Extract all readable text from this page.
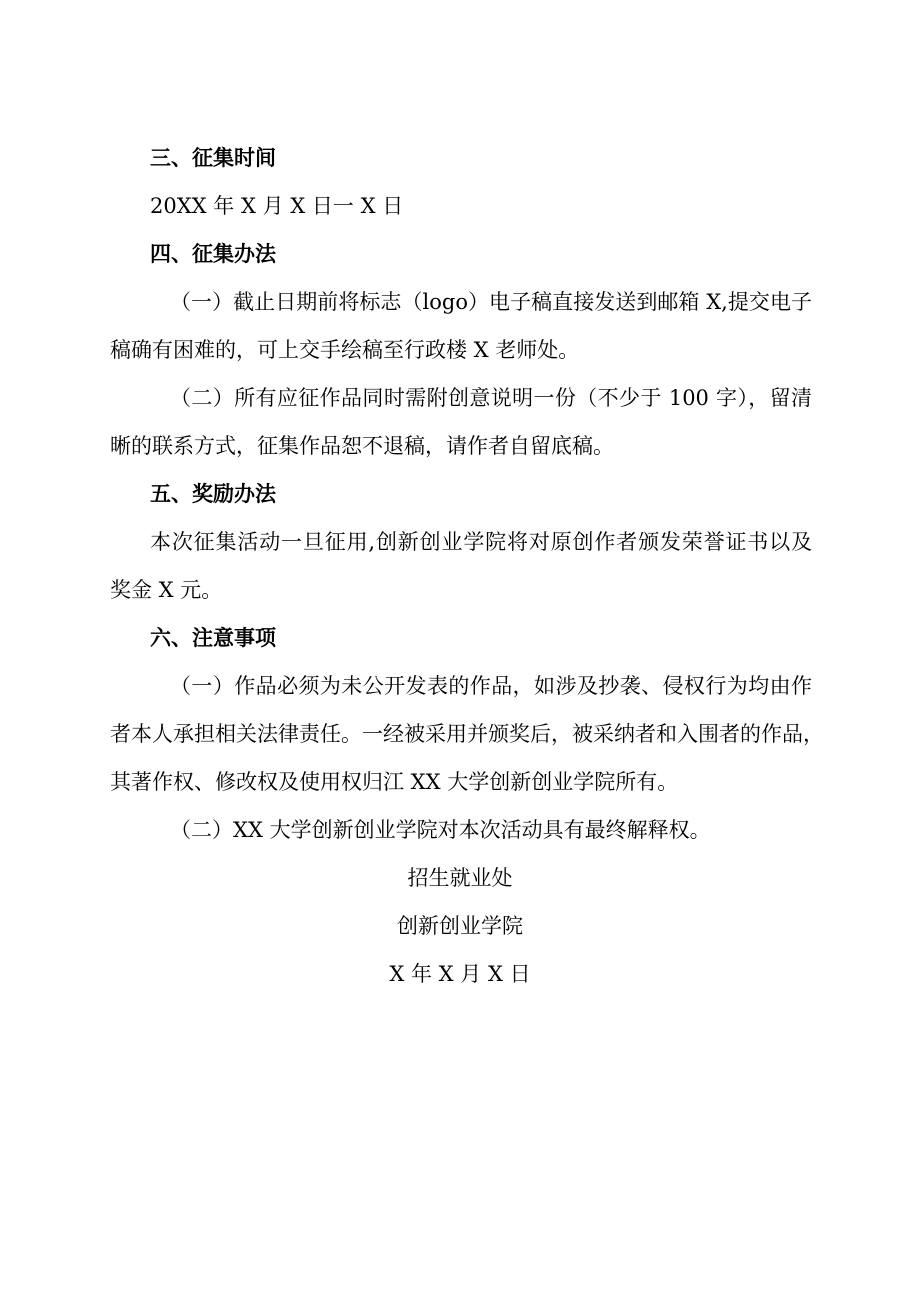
三、征集时间
20XX 年 X 月 X 日一 X 日
四、征集办法
（一）截止日期前将标志（logo）电子稿直接发送到邮箱 X,提交电子
稿确有困难的，可上交手绘稿至行政楼 X 老师处。
（二）所有应征作品同时需附创意说明一份（不少于 100 字），留清
晰的联系方式，征集作品恕不退稿，请作者自留底稿。
五、奖励办法
本次征集活动一旦征用,创新创业学院将对原创作者颁发荣誉证书以及
奖金 X 元。
六、注意事项
（一）作品必须为未公开发表的作品，如涉及抄袭、侵权行为均由作
者本人承担相关法律责任。一经被采用并颁奖后，被采纳者和入围者的作品，
其著作权、修改权及使用权归江 XX 大学创新创业学院所有。
（二）XX 大学创新创业学院对本次活动具有最终解释权。
招生就业处
创新创业学院
X 年 X 月 X 日
